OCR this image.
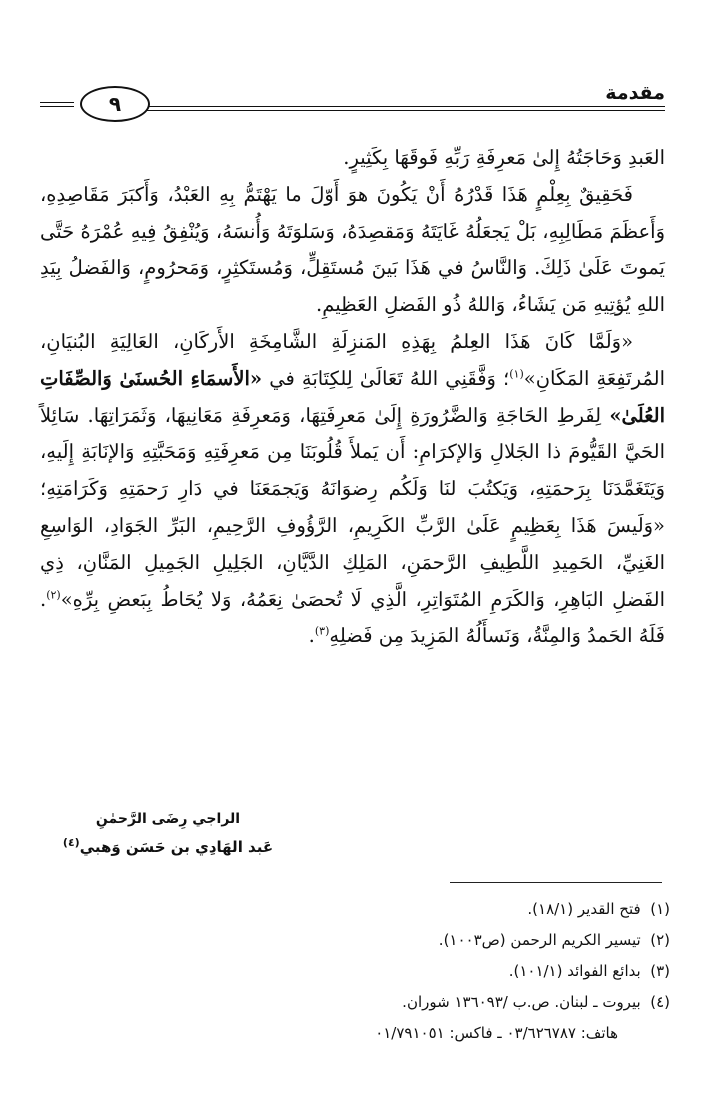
٩	مقدمة

العَبدِ وَحَاجَتُهُ إِلىٰ مَعرِفَةِ رَبِّهِ فَوقَهَا بِكَثِيرٍ.

فَحَقِيقٌ بِعِلْمٍ هَذَا قَدْرُهُ أَنْ يَكُونَ هوَ أَوّلَ ما يَهْتَمُّ بِهِ العَبْدُ، وَأَكبَرَ مَقَاصِدِهِ، وَأَعظَمَ مَطَالِبِهِ، بَلْ يَجعَلُهُ غَايَتَهُ وَمَقصِدَهُ، وَسَلوَتَهُ وَأُنسَهُ، وَيُنْفِقُ فِيهِ عُمْرَهُ حَتَّى يَموتَ عَلَىٰ ذَلِكَ. وَالنَّاسُ في هَذَا بَينَ مُستَقِلٍّ، وَمُستَكثِرٍ، وَمَحرُومٍ، وَالفَضلُ بِيَدِ اللهِ يُؤتِيهِ مَن يَشَاءُ، وَاللهُ ذُو الفَضلِ العَظِيمِ.

«وَلَمَّا كَانَ هَذَا العِلمُ بِهَذِهِ المَنزِلَةِ الشَّامِخَةِ الأَركَانِ، العَالِيَةِ البُنيَانِ، المُرتَفِعَةِ المَكَانِ»$^{(١)}$؛ وَفَّقَنِي اللهُ تَعَالَىٰ لِلكِتَابَةِ في «الأَسمَاءِ الحُسنَىٰ وَالصِّفَاتِ العُلَىٰ» لِفَرطِ الحَاجَةِ وَالضَّرُورَةِ إِلَىٰ مَعرِفَتِهَا، وَمَعرِفَةِ مَعَانِيهَا، وَثَمَرَاتِهَا. سَائِلاً الحَيَّ القَيُّومَ ذا الجَلالِ وَالإكرَامِ: أَن يَملأَ قُلُوبَنَا مِن مَعرِفَتِهِ وَمَحَبَّتِهِ وَالإنَابَةِ إِلَيهِ، وَيَتَغَمَّدَنَا بِرَحمَتِهِ، وَيَكتُبَ لنَا وَلَكُم رِضوَانَهُ وَيَجمَعَنَا في دَارِ رَحمَتِهِ وَكَرَامَتِهِ؛ «وَلَيسَ هَذَا بِعَظِيمٍ عَلَىٰ الرَّبِّ الكَرِيمِ، الرَّؤُوفِ الرَّحِيمِ، البَرِّ الجَوَادِ، الوَاسِعِ الغَنِيِّ، الحَمِيدِ اللَّطِيفِ الرَّحمَنِ، المَلِكِ الدَّيَّانِ، الجَلِيلِ الجَمِيلِ المَنَّانِ، ذِي الفَضلِ البَاهِرِ، وَالكَرَمِ المُتَوَاتِرِ، الَّذِي لَا تُحصَىٰ نِعَمُهُ، وَلا يُحَاطُ بِبَعضِ بِرِّهِ»$^{(٢)}$. فَلَهُ الحَمدُ وَالمِنَّةُ، وَنَسأَلُهُ المَزِيدَ مِن فَضلِهِ$^{(٣)}$.

الراجي رِضَى الرَّحمٰنِ
عَبد الهَادِي بن حَسَن وَهبي$^{(٤)}$
(١)  فتح القدير (١٨/١).
(٢)  تيسير الكريم الرحمن (ص١٠٠٣).
(٣)  بدائع الفوائد (١٠١/١).
(٤)  بيروت ـ لبنان. ص.ب /١٣٦٠٩٣ شوران.
هاتف: ٠٣/٦٢٦٧٨٧ ـ فاكس: ٠١/٧٩١٠٥١
